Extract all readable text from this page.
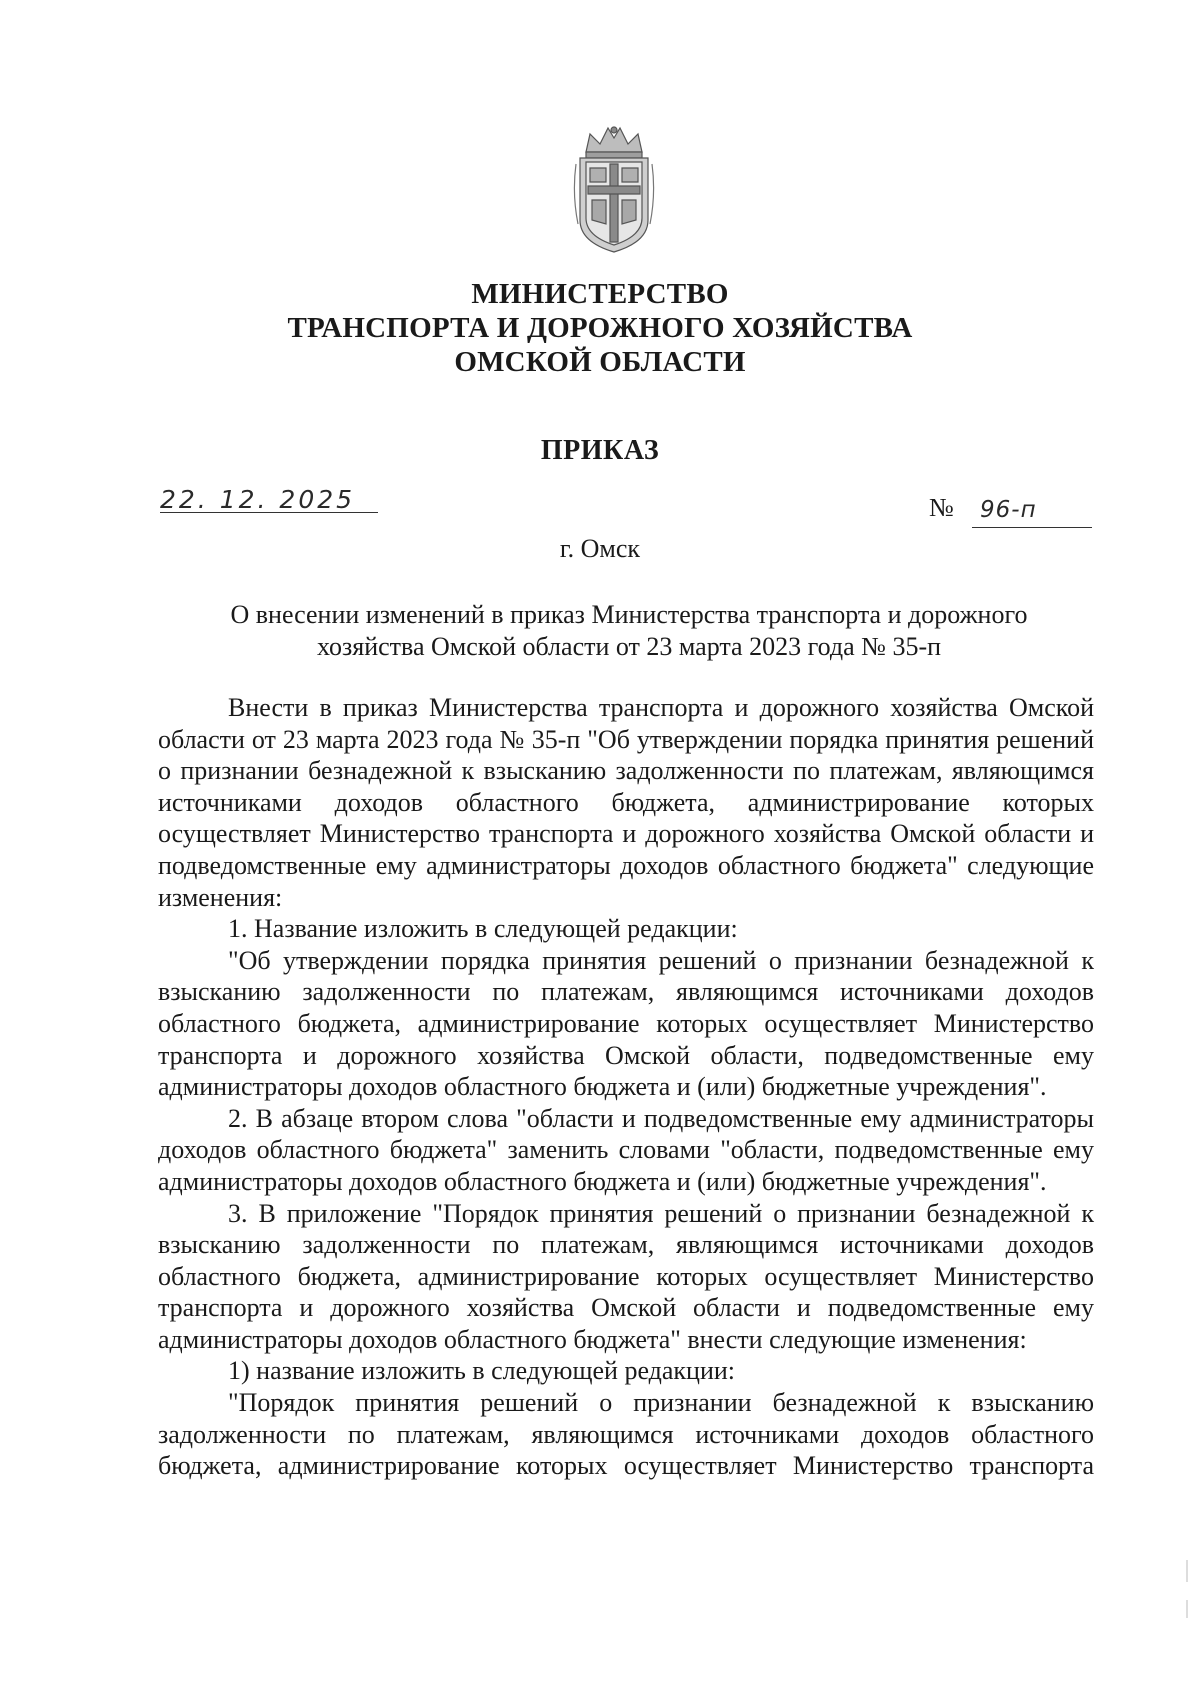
МИНИСТЕРСТВО
ТРАНСПОРТА И ДОРОЖНОГО ХОЗЯЙСТВА
ОМСКОЙ ОБЛАСТИ
ПРИКАЗ
22. 12. 2025	№ 96-п
г. Омск
О внесении изменений в приказ Министерства транспорта и дорожного
хозяйства Омской области от 23 марта 2023 года № 35-п

Внести в приказ Министерства транспорта и дорожного хозяйства Омской области от 23 марта 2023 года № 35-п "Об утверждении порядка принятия решений о признании безнадежной к взысканию задолженности по платежам, являющимся источниками доходов областного бюджета, администрирование которых осуществляет Министерство транспорта и дорожного хозяйства Омской области и подведомственные ему администраторы доходов областного бюджета" следующие изменения:

1. Название изложить в следующей редакции:

"Об утверждении порядка принятия решений о признании безнадежной к взысканию задолженности по платежам, являющимся источниками доходов областного бюджета, администрирование которых осуществляет Министерство транспорта и дорожного хозяйства Омской области, подведомственные ему администраторы доходов областного бюджета и (или) бюджетные учреждения".

2. В абзаце втором слова "области и подведомственные ему администраторы доходов областного бюджета" заменить словами "области, подведомственные ему администраторы доходов областного бюджета и (или) бюджетные учреждения".

3. В приложение "Порядок принятия решений о признании безнадежной к взысканию задолженности по платежам, являющимся источниками доходов областного бюджета, администрирование которых осуществляет Министерство транспорта и дорожного хозяйства Омской области и подведомственные ему администраторы доходов областного бюджета" внести следующие изменения:

1) название изложить в следующей редакции:

"Порядок принятия решений о признании безнадежной к взысканию задолженности по платежам, являющимся источниками доходов областного бюджета, администрирование которых осуществляет Министерство транспорта
